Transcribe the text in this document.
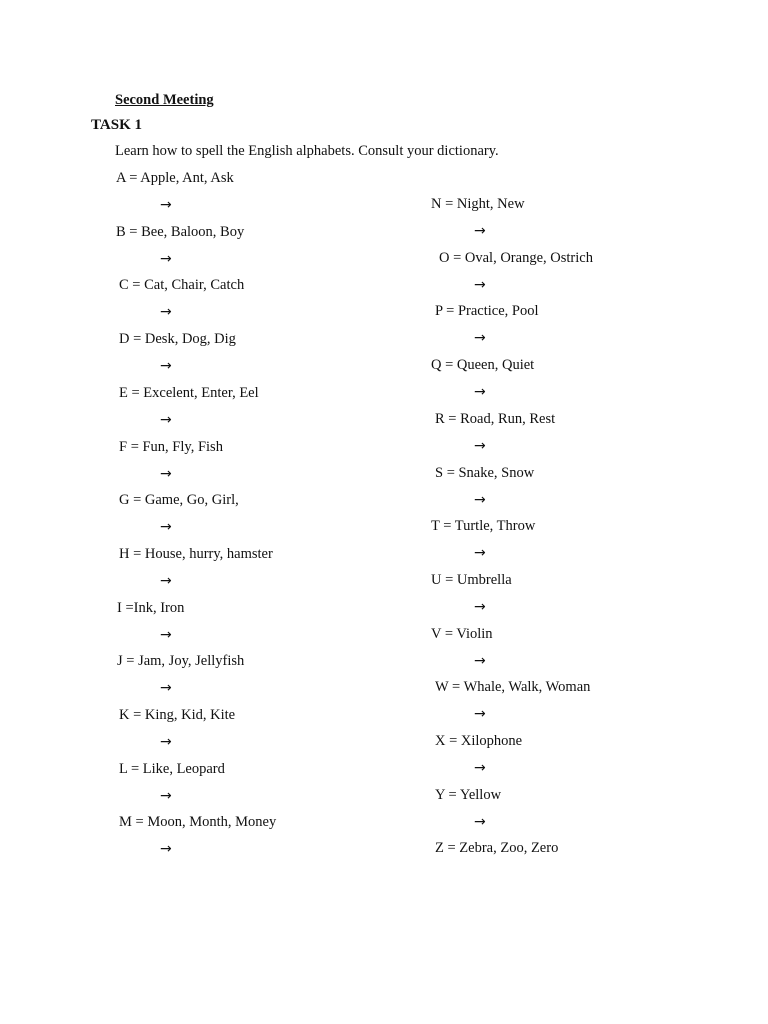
Second Meeting
TASK 1
Learn how to spell the English alphabets. Consult your dictionary.
A = Apple, Ant, Ask
→
B = Bee, Baloon, Boy
→
C = Cat, Chair, Catch
→
D = Desk, Dog, Dig
→
E = Excelent, Enter, Eel
→
F = Fun, Fly, Fish
→
G = Game, Go, Girl,
→
H = House, hurry, hamster
→
I =Ink, Iron
→
J = Jam, Joy, Jellyfish
→
K = King, Kid, Kite
→
L = Like, Leopard
→
M = Moon, Month, Money
→
N = Night, New
→
O = Oval, Orange, Ostrich
→
P = Practice, Pool
→
Q = Queen, Quiet
→
R = Road, Run, Rest
→
S = Snake, Snow
→
T = Turtle, Throw
→
U = Umbrella
→
V = Violin
→
W = Whale, Walk, Woman
→
X = Xilophone
→
Y = Yellow
→
Z = Zebra, Zoo, Zero
